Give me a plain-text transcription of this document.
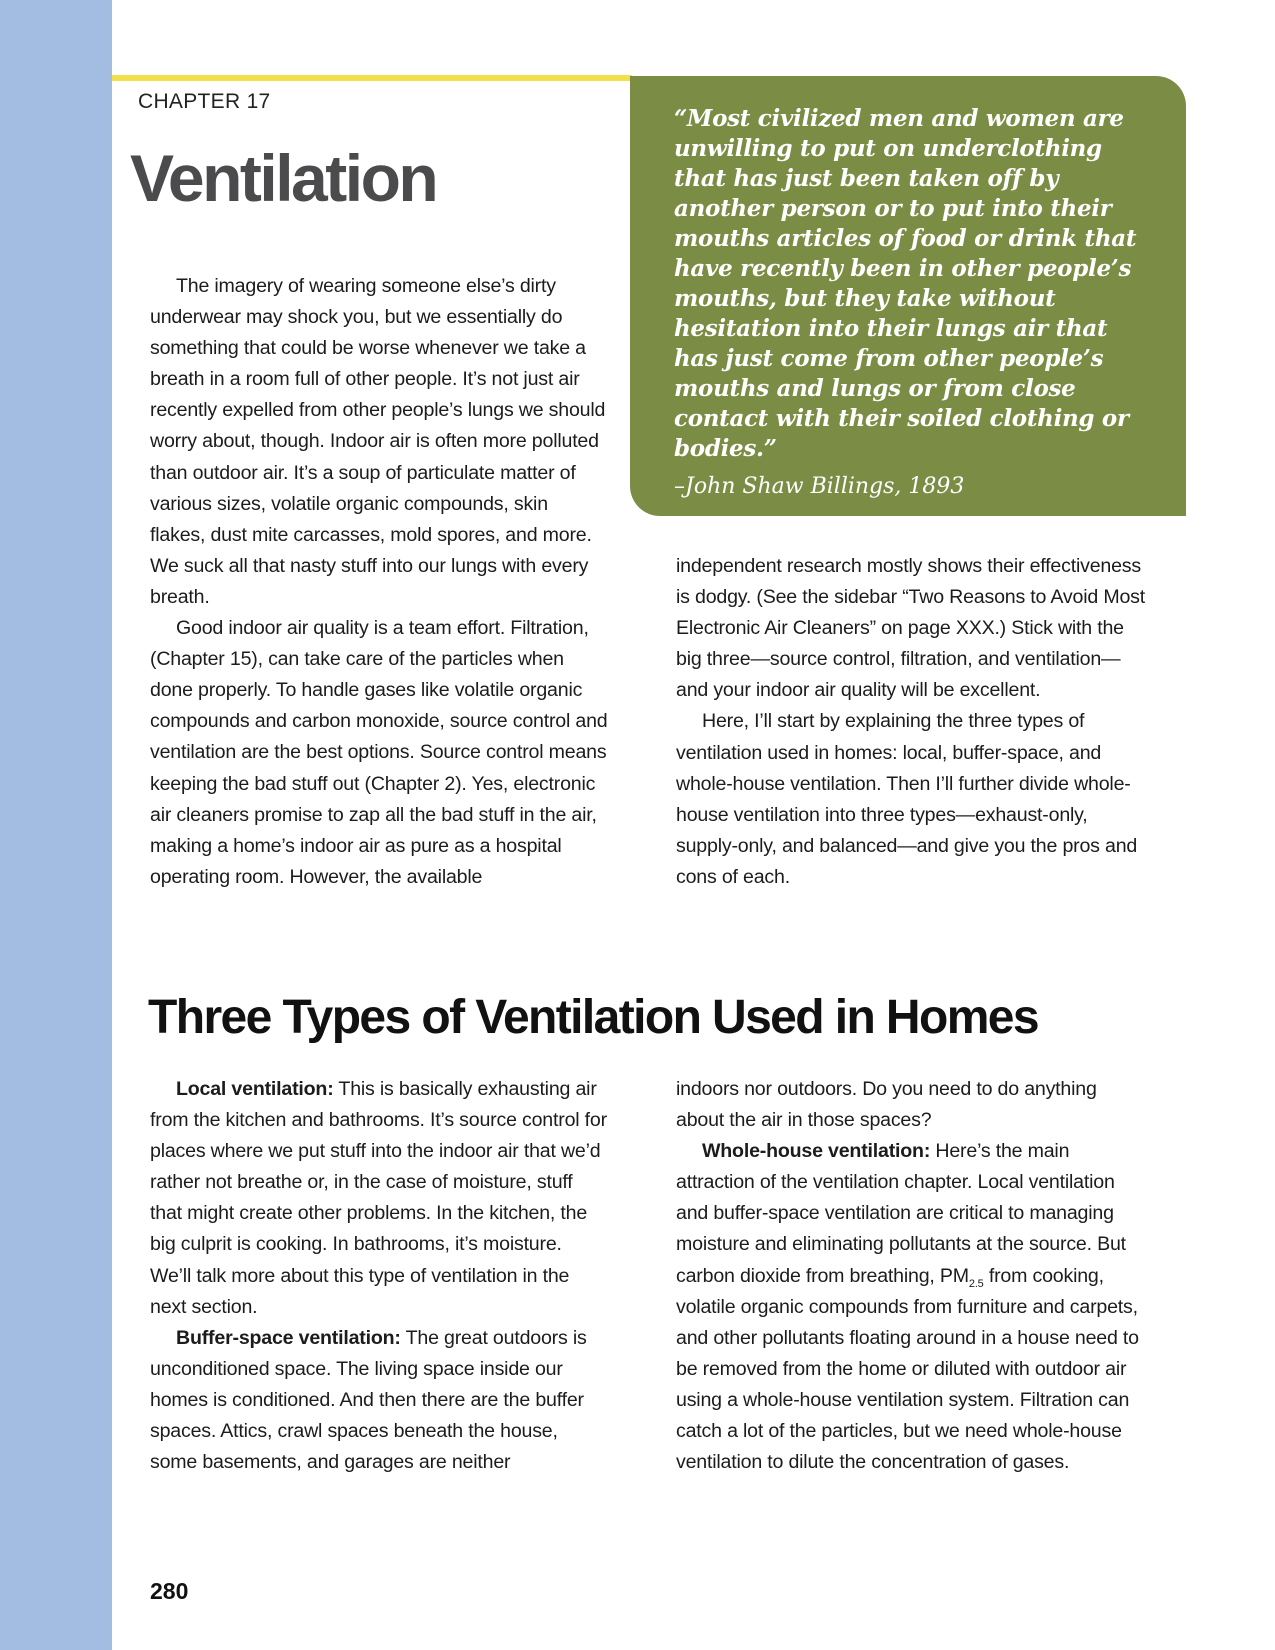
CHAPTER 17
Ventilation

“Most civilized men and women are unwilling to put on underclothing that has just been taken off by another person or to put into their mouths articles of food or drink that have recently been in other people’s mouths, but they take without hesitation into their lungs air that has just come from other people’s mouths and lungs or from close contact with their soiled clothing or bodies.”

–John Shaw Billings, 1893

The imagery of wearing someone else’s dirty underwear may shock you, but we essentially do something that could be worse whenever we take a breath in a room full of other people. It’s not just air recently expelled from other people’s lungs we should worry about, though. Indoor air is often more polluted than outdoor air. It’s a soup of particulate matter of various sizes, volatile organic compounds, skin flakes, dust mite carcasses, mold spores, and more. We suck all that nasty stuff into our lungs with every breath.

Good indoor air quality is a team effort. Filtration, (Chapter 15), can take care of the particles when done properly. To handle gases like volatile organic compounds and carbon monoxide, source control and ventilation are the best options. Source control means keeping the bad stuff out (Chapter 2). Yes, electronic air cleaners promise to zap all the bad stuff in the air, making a home’s indoor air as pure as a hospital operating room. However, the available

independent research mostly shows their effectiveness is dodgy. (See the sidebar “Two Reasons to Avoid Most Electronic Air Cleaners” on page XXX.) Stick with the big three—source control, filtration, and ventilation—and your indoor air quality will be excellent.

Here, I’ll start by explaining the three types of ventilation used in homes: local, buffer-space, and whole-house ventilation. Then I’ll further divide whole-house ventilation into three types—exhaust-only, supply-only, and balanced—and give you the pros and cons of each.

Three Types of Ventilation Used in Homes

Local ventilation: This is basically exhausting air from the kitchen and bathrooms. It’s source control for places where we put stuff into the indoor air that we’d rather not breathe or, in the case of moisture, stuff that might create other problems. In the kitchen, the big culprit is cooking. In bathrooms, it’s moisture. We’ll talk more about this type of ventilation in the next section.

Buffer-space ventilation: The great outdoors is unconditioned space. The living space inside our homes is conditioned. And then there are the buffer spaces. Attics, crawl spaces beneath the house, some basements, and garages are neither

indoors nor outdoors. Do you need to do anything about the air in those spaces?

Whole-house ventilation: Here’s the main attraction of the ventilation chapter. Local ventilation and buffer-space ventilation are critical to managing moisture and eliminating pollutants at the source. But carbon dioxide from breathing, $PM_{2.5}$ from cooking, volatile organic compounds from furniture and carpets, and other pollutants floating around in a house need to be removed from the home or diluted with outdoor air using a whole-house ventilation system. Filtration can catch a lot of the particles, but we need whole-house ventilation to dilute the concentration of gases.

280
